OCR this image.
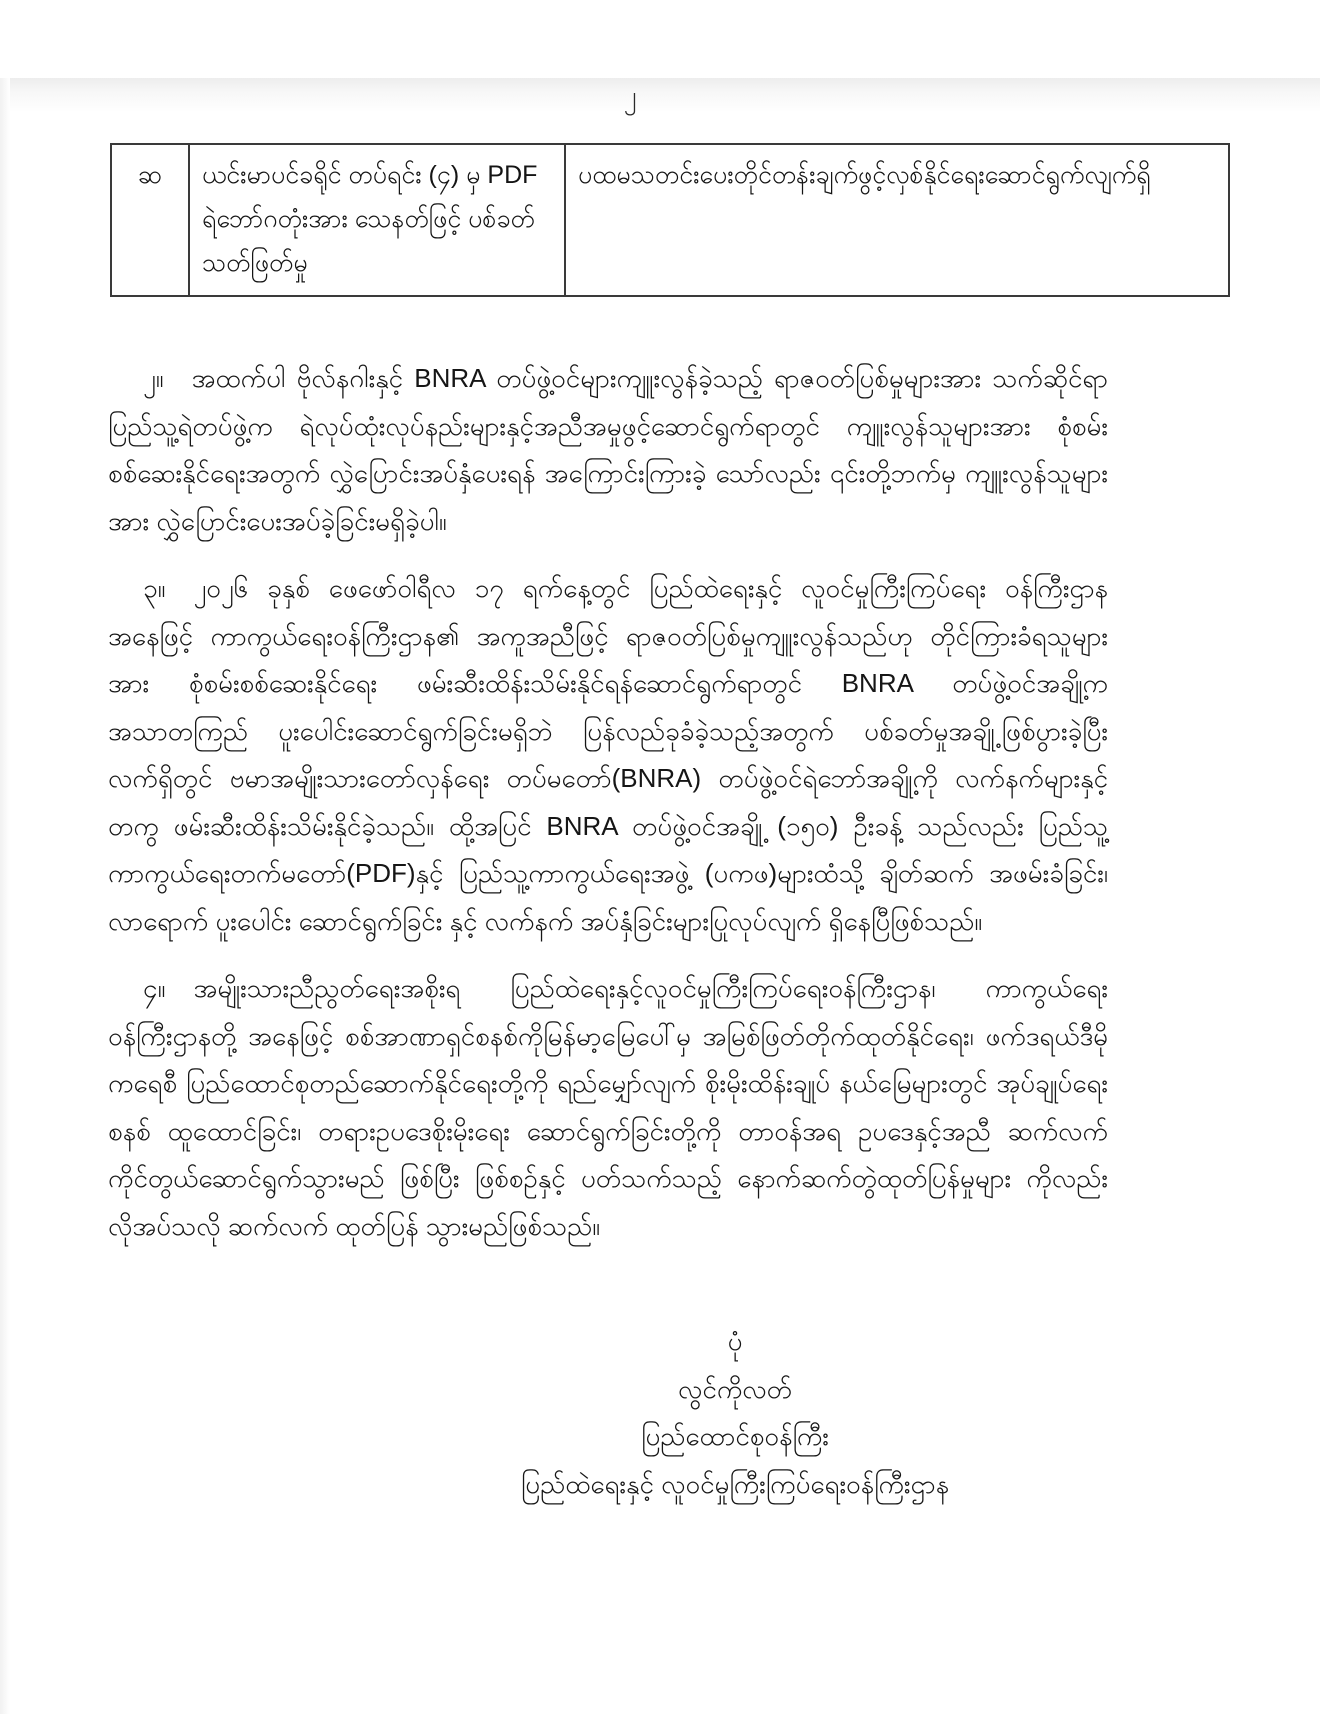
၂
ဆ	ယင်းမာပင်ခရိုင် တပ်ရင်း (၄) မှ PDF ရဲဘော်ဂတုံးအား သေနတ်ဖြင့် ပစ်ခတ်သတ်ဖြတ်မှု	ပထမသတင်းပေးတိုင်တန်းချက်ဖွင့်လှစ်နိုင်ရေးဆောင်ရွက်လျက်ရှိ

၂။ အထက်ပါ ဗိုလ်နဂါးနှင့် BNRA တပ်ဖွဲ့ဝင်များကျူးလွန်ခဲ့သည့် ရာဇဝတ်ပြစ်မှုများအား သက်ဆိုင်ရာ ပြည်သူ့ရဲတပ်ဖွဲ့က ရဲလုပ်ထုံးလုပ်နည်းများနှင့်အညီအမှုဖွင့်ဆောင်ရွက်ရာတွင် ကျူးလွန်သူများအား စုံစမ်းစစ်ဆေးနိုင်ရေးအတွက် လွှဲပြောင်းအပ်နှံပေးရန် အကြောင်းကြားခဲ့ သော်လည်း ၎င်းတို့ဘက်မှ ကျူးလွန်သူများအား လွှဲပြောင်းပေးအပ်ခဲ့ခြင်းမရှိခဲ့ပါ။

၃။ ၂၀၂၆ ခုနှစ် ဖေဖော်ဝါရီလ ၁၇ ရက်နေ့တွင် ပြည်ထဲရေးနှင့် လူဝင်မှုကြီးကြပ်ရေး ဝန်ကြီးဌာနအနေဖြင့် ကာကွယ်ရေးဝန်ကြီးဌာန၏ အကူအညီဖြင့် ရာဇဝတ်ပြစ်မှုကျူးလွန်သည်ဟု တိုင်ကြားခံရသူများအား စုံစမ်းစစ်ဆေးနိုင်ရေး ဖမ်းဆီးထိန်းသိမ်းနိုင်ရန်ဆောင်ရွက်ရာတွင် BNRA တပ်ဖွဲ့ဝင်အချို့က အသာတကြည် ပူးပေါင်းဆောင်ရွက်ခြင်းမရှိဘဲ ပြန်လည်ခုခံခဲ့သည့်အတွက် ပစ်ခတ်မှုအချို့ဖြစ်ပွားခဲ့ပြီး လက်ရှိတွင် ဗမာအမျိုးသားတော်လှန်ရေး တပ်မတော်(BNRA) တပ်ဖွဲ့ဝင်ရဲဘော်အချို့ကို လက်နက်များနှင့်တကွ ဖမ်းဆီးထိန်းသိမ်းနိုင်ခဲ့သည်။ ထို့အပြင် BNRA တပ်ဖွဲ့ဝင်အချို့ (၁၅၀) ဦးခန့် သည်လည်း ပြည်သူ့ကာကွယ်ရေးတက်မတော်(PDF)နှင့် ပြည်သူ့ကာကွယ်ရေးအဖွဲ့ (ပကဖ)များထံသို့ ချိတ်ဆက် အဖမ်းခံခြင်း၊ လာရောက် ပူးပေါင်း ဆောင်ရွက်ခြင်း နှင့် လက်နက် အပ်နှံခြင်းများပြုလုပ်လျက် ရှိနေပြီဖြစ်သည်။

၄။ အမျိုးသားညီညွတ်ရေးအစိုးရ ပြည်ထဲရေးနှင့်လူဝင်မှုကြီးကြပ်ရေးဝန်ကြီးဌာန၊ ကာကွယ်ရေး ဝန်ကြီးဌာနတို့ အနေဖြင့် စစ်အာဏာရှင်စနစ်ကိုမြန်မာ့မြေပေါ်မှ အမြစ်ဖြတ်တိုက်ထုတ်နိုင်ရေး၊ ဖက်ဒရယ်ဒီမိုကရေစီ ပြည်ထောင်စုတည်ဆောက်နိုင်ရေးတို့ကို ရည်မျှော်လျက် စိုးမိုးထိန်းချုပ် နယ်မြေများတွင် အုပ်ချုပ်ရေးစနစ် ထူထောင်ခြင်း၊ တရားဥပဒေစိုးမိုးရေး ဆောင်ရွက်ခြင်းတို့ကို တာဝန်အရ ဥပဒေနှင့်အညီ ဆက်လက်ကိုင်တွယ်ဆောင်ရွက်သွားမည် ဖြစ်ပြီး ဖြစ်စဉ်နှင့် ပတ်သက်သည့် နောက်ဆက်တွဲထုတ်ပြန်မှုများ ကိုလည်း လိုအပ်သလို ဆက်လက် ထုတ်ပြန် သွားမည်ဖြစ်သည်။

ပုံ
လွင်ကိုလတ်
ပြည်ထောင်စုဝန်ကြီး
ပြည်ထဲရေးနှင့် လူဝင်မှုကြီးကြပ်ရေးဝန်ကြီးဌာန
